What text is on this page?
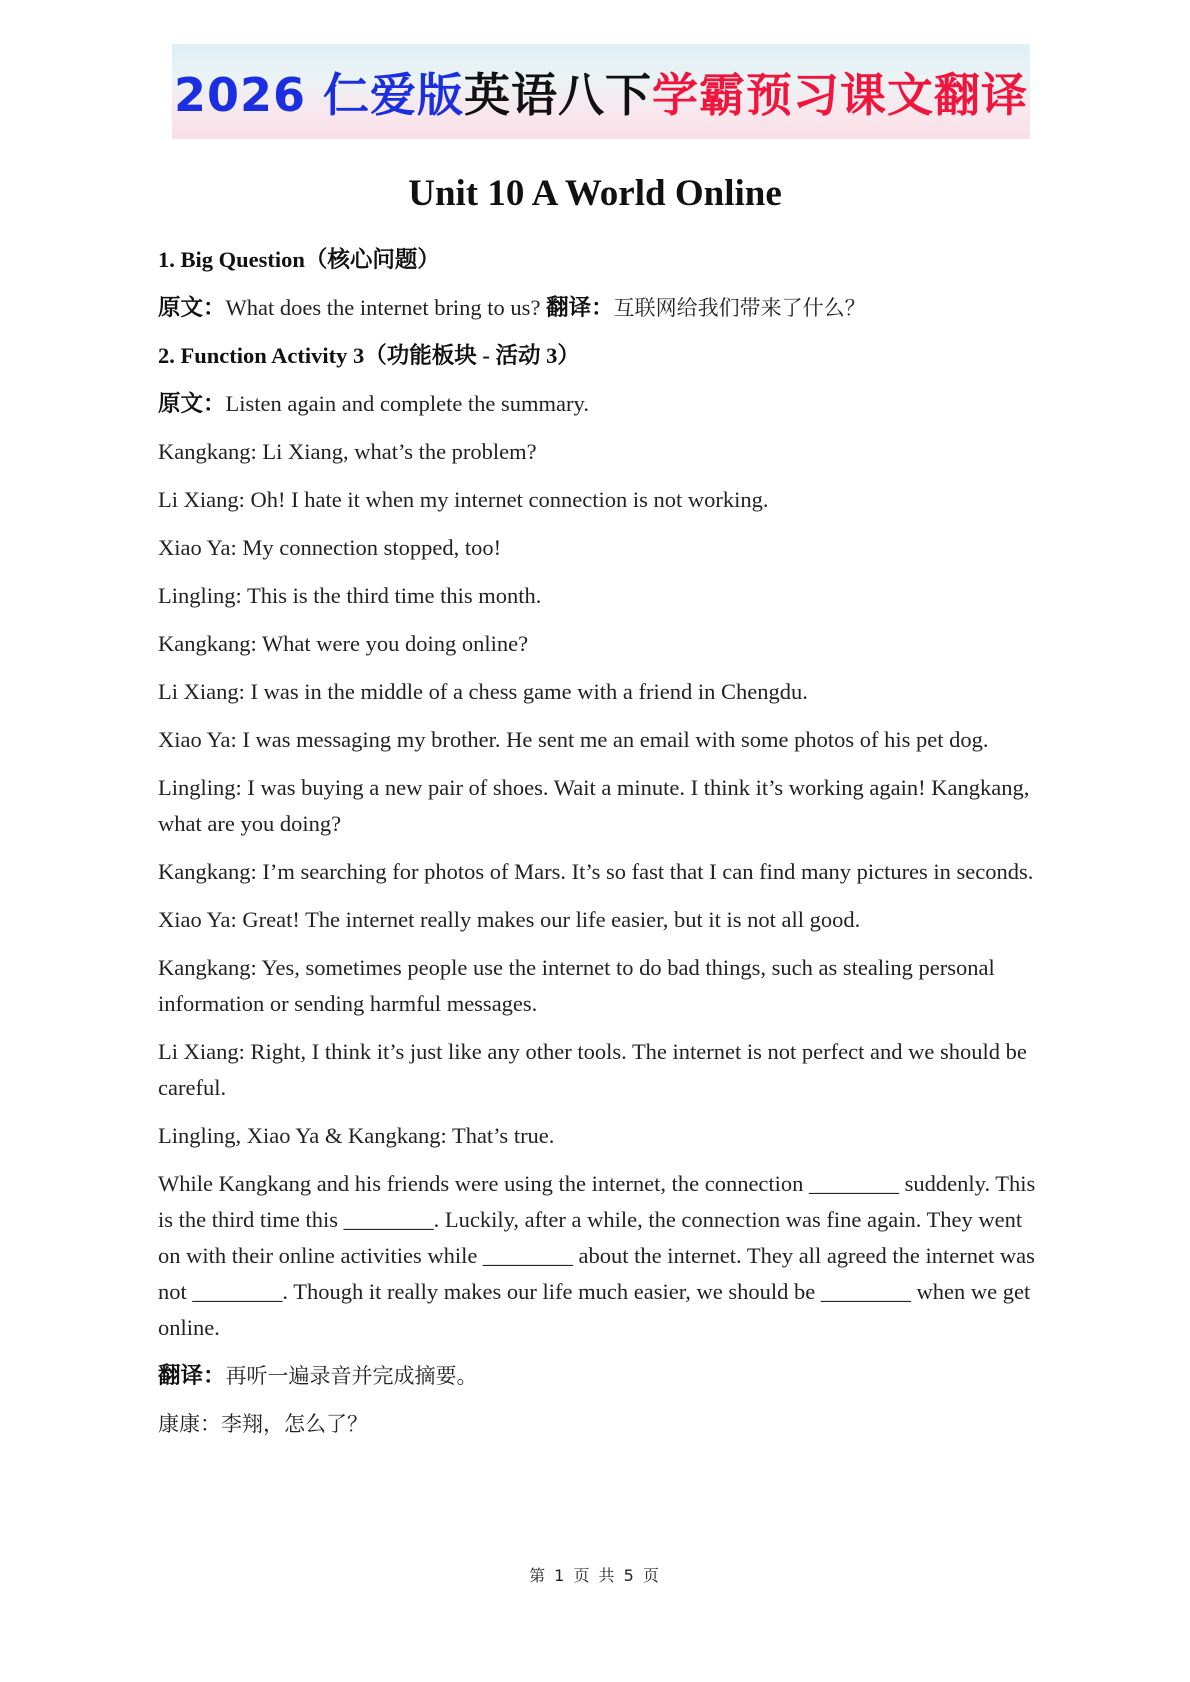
2026 仁爱版 英语八下 学霸预习课文翻译
Unit 10 A World Online

1. Big Question（核心问题）

原文：What does the internet bring to us? 翻译：互联网给我们带来了什么？

2. Function Activity 3（功能板块 - 活动 3）

原文：Listen again and complete the summary.

Kangkang: Li Xiang, what’s the problem?

Li Xiang: Oh! I hate it when my internet connection is not working.

Xiao Ya: My connection stopped, too!

Lingling: This is the third time this month.

Kangkang: What were you doing online?

Li Xiang: I was in the middle of a chess game with a friend in Chengdu.

Xiao Ya: I was messaging my brother. He sent me an email with some photos of his pet dog.

Lingling: I was buying a new pair of shoes. Wait a minute. I think it’s working again! Kangkang, what are you doing?

Kangkang: I’m searching for photos of Mars. It’s so fast that I can find many pictures in seconds.

Xiao Ya: Great! The internet really makes our life easier, but it is not all good.

Kangkang: Yes, sometimes people use the internet to do bad things, such as stealing personal information or sending harmful messages.

Li Xiang: Right, I think it’s just like any other tools. The internet is not perfect and we should be careful.

Lingling, Xiao Ya & Kangkang: That’s true.

While Kangkang and his friends were using the internet, the connection ________ suddenly. This is the third time this ________. Luckily, after a while, the connection was fine again. They went on with their online activities while ________ about the internet. They all agreed the internet was not ________. Though it really makes our life much easier, we should be ________ when we get online.

翻译：再听一遍录音并完成摘要。

康康：李翔，怎么了？

第 1 页 共 5 页
